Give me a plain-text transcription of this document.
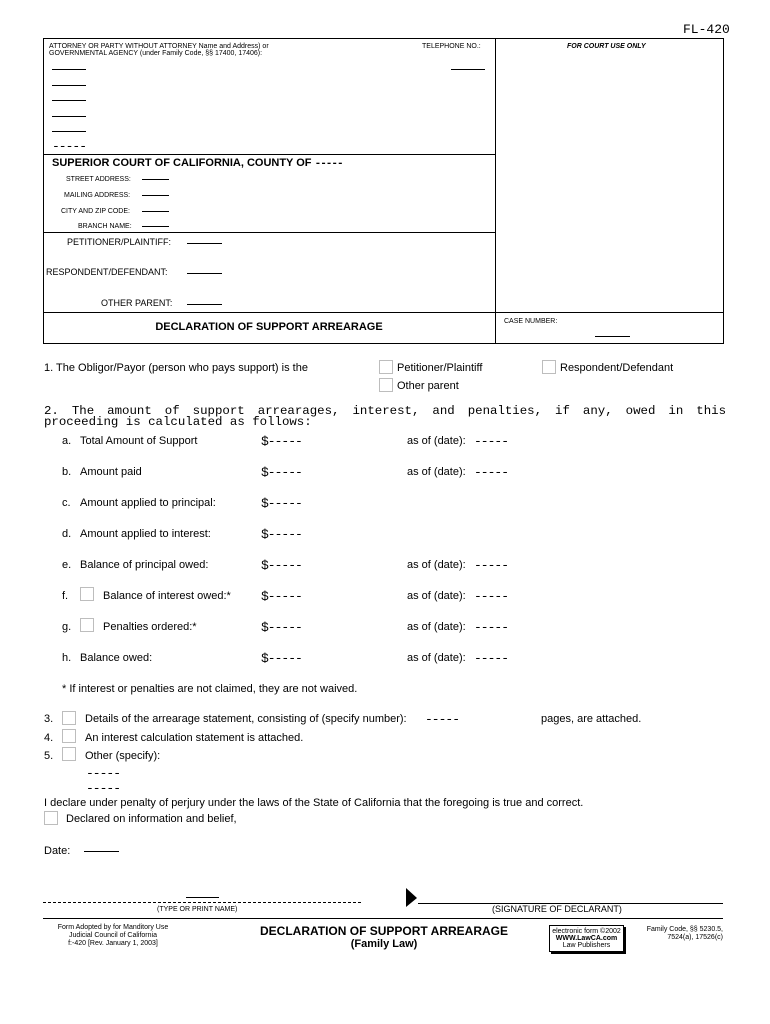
FL-420
ATTORNEY OR PARTY WITHOUT ATTORNEY Name and Address) or
GOVERNMENTAL AGENCY (under Family Code, §§ 17400, 17406):
TELEPHONE NO.:	FOR COURT USE ONLY
-----
SUPERIOR COURT OF CALIFORNIA, COUNTY OF -----
STREET ADDRESS:
MAILING ADDRESS:
CITY AND ZIP CODE:
BRANCH NAME:
PETITIONER/PLAINTIFF:
RESPONDENT/DEFENDANT:
OTHER PARENT:
DECLARATION OF SUPPORT ARREARAGE	CASE NUMBER:
1. The Obligor/Payor (person who pays support) is the	Petitioner/Plaintiff	Respondent/Defendant
Other parent
2. The amount of support arrearages, interest, and penalties, if any, owed in this proceeding is calculated as follows:
a. Total Amount of Support	$-----	as of (date): -----
b. Amount paid	$-----	as of (date): -----
c. Amount applied to principal:	$-----
d. Amount applied to interest:	$-----
e. Balance of principal owed:	$-----	as of (date): -----
f.	Balance of interest owed:* $-----	as of (date): -----
g.	Penalties ordered:*	$-----	as of (date): -----
h. Balance owed:	$-----	as of (date): -----
* If interest or penalties are not claimed, they are not waived.
3.	Details of the arrearage statement, consisting of (specify number): -----	pages, are attached.
4.	An interest calculation statement is attached.
5.	Other (specify):
-----
-----
I declare under penalty of perjury under the laws of the State of California that the foregoing is true and correct.
Declared on information and belief,
Date:
(TYPE OR PRINT NAME)	(SIGNATURE OF DECLARANT)
Form Adopted by for Manditory Use
Judicial Council of California
f:-420 [Rev. January 1, 2003]
DECLARATION OF SUPPORT ARREARAGE
(Family Law)
electronic form ©2002
WWW.LawCA.com
Law Publishers
Family Code, §§ 5230.5,
7524(a), 17526(c)
